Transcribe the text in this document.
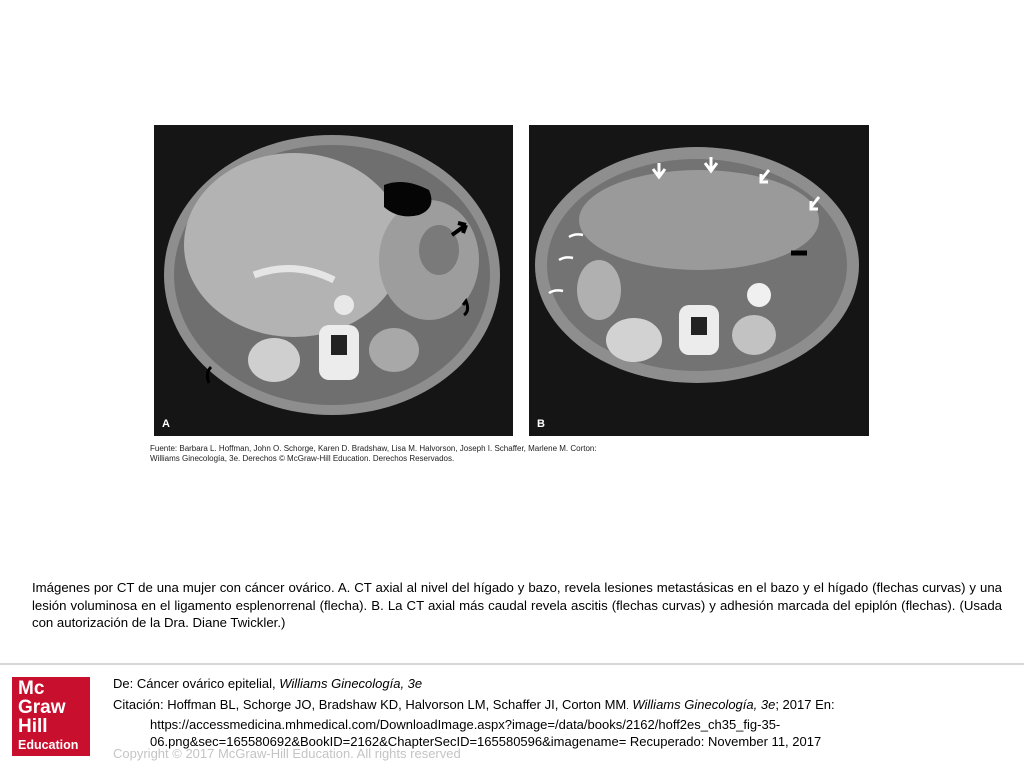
A	B
Fuente: Barbara L. Hoffman, John O. Schorge, Karen D. Bradshaw, Lisa M. Halvorson, Joseph I. Schaffer, Marlene M. Corton:
Williams Ginecología, 3e. Derechos © McGraw-Hill Education. Derechos Reservados.
Imágenes por CT de una mujer con cáncer ovárico. A. CT axial al nivel del hígado y bazo, revela lesiones metastásicas en el bazo y el hígado (flechas curvas) y una lesión voluminosa en el ligamento esplenorrenal (flecha). B. La CT axial más caudal revela ascitis (flechas curvas) y adhesión marcada del epiplón (flechas). (Usada con autorización de la Dra. Diane Twickler.)
Mc
Graw
Hill
Education
De: Cáncer ovárico epitelial, Williams Ginecología, 3e
Citación: Hoffman BL, Schorge JO, Bradshaw KD, Halvorson LM, Schaffer JI, Corton MM. Williams Ginecología, 3e; 2017 En:
https://accessmedicina.mhmedical.com/DownloadImage.aspx?image=/data/books/2162/hoff2es_ch35_fig-35-
06.png&sec=165580692&BookID=2162&ChapterSecID=165580596&imagename= Recuperado: November 11, 2017
Copyright © 2017 McGraw-Hill Education. All rights reserved
